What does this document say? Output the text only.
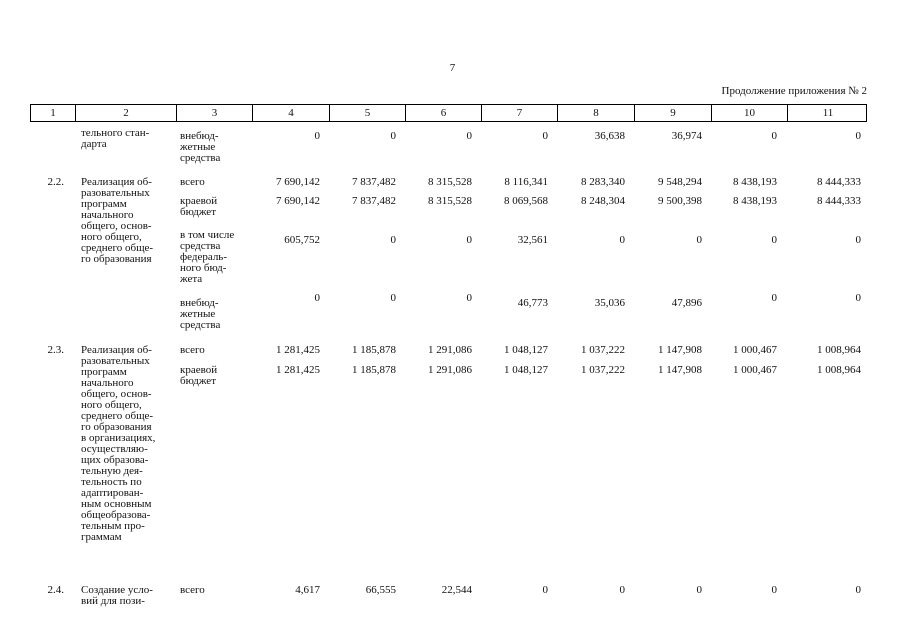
7
Продолжение приложения № 2
1	2	3	4	5	6	7	8	9	10	11
тельного стан-
дарта
внебюд-
жетные
средства
0	0	0	0	36,638	36,974	0	0
2.2. Реализация об-
разовательных
программ
начального
общего, основ-
ного общего,
среднего обще-
го образования
всего	7 690,142	7 837,482	8 315,528	8 116,341	8 283,340	9 548,294	8 438,193	8 444,333
краевой
бюджет
7 690,142	7 837,482	8 315,528	8 069,568	8 248,304	9 500,398	8 438,193	8 444,333
в том числе
средства
федераль-
ного бюд-
жета
605,752	0	0	32,561	0	0	0	0
внебюд-
жетные
средства
0	0	0	46,773	35,036	47,896	0	0
2.3. Реализация об-
разовательных
программ
начального
общего, основ-
ного общего,
среднего обще-
го образования
в организациях,
осуществляю-
щих образова-
тельную дея-
тельность по
адаптирован-
ным основным
общеобразова-
тельным про-
граммам
всего	1 281,425	1 185,878	1 291,086	1 048,127	1 037,222	1 147,908	1 000,467	1 008,964
краевой
бюджет
1 281,425	1 185,878	1 291,086	1 048,127	1 037,222	1 147,908	1 000,467	1 008,964
2.4. Создание усло-
вий для пози-
всего	4,617	66,555	22,544	0	0	0	0	0
